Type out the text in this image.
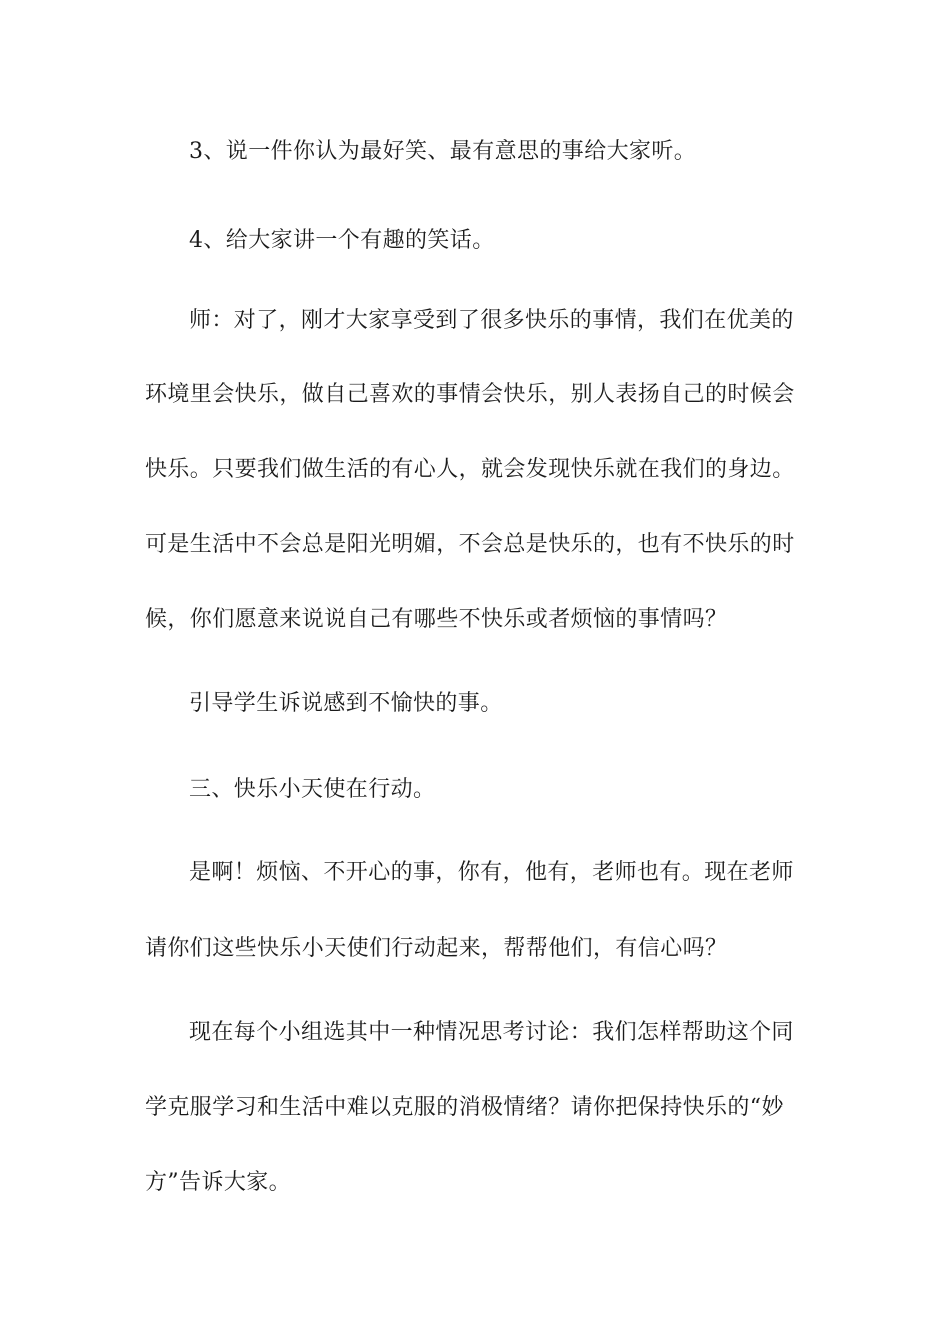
3、说一件你认为最好笑、最有意思的事给大家听。
4、给大家讲一个有趣的笑话。
师：对了，刚才大家享受到了很多快乐的事情，我们在优美的
环境里会快乐，做自己喜欢的事情会快乐，别人表扬自己的时候会
快乐。只要我们做生活的有心人，就会发现快乐就在我们的身边。
可是生活中不会总是阳光明媚，不会总是快乐的，也有不快乐的时
候，你们愿意来说说自己有哪些不快乐或者烦恼的事情吗？
引导学生诉说感到不愉快的事。
三、快乐小天使在行动。
是啊！烦恼、不开心的事，你有，他有，老师也有。现在老师
请你们这些快乐小天使们行动起来，帮帮他们，有信心吗？
现在每个小组选其中一种情况思考讨论：我们怎样帮助这个同
学克服学习和生活中难以克服的消极情绪？请你把保持快乐的“妙
方”告诉大家。
